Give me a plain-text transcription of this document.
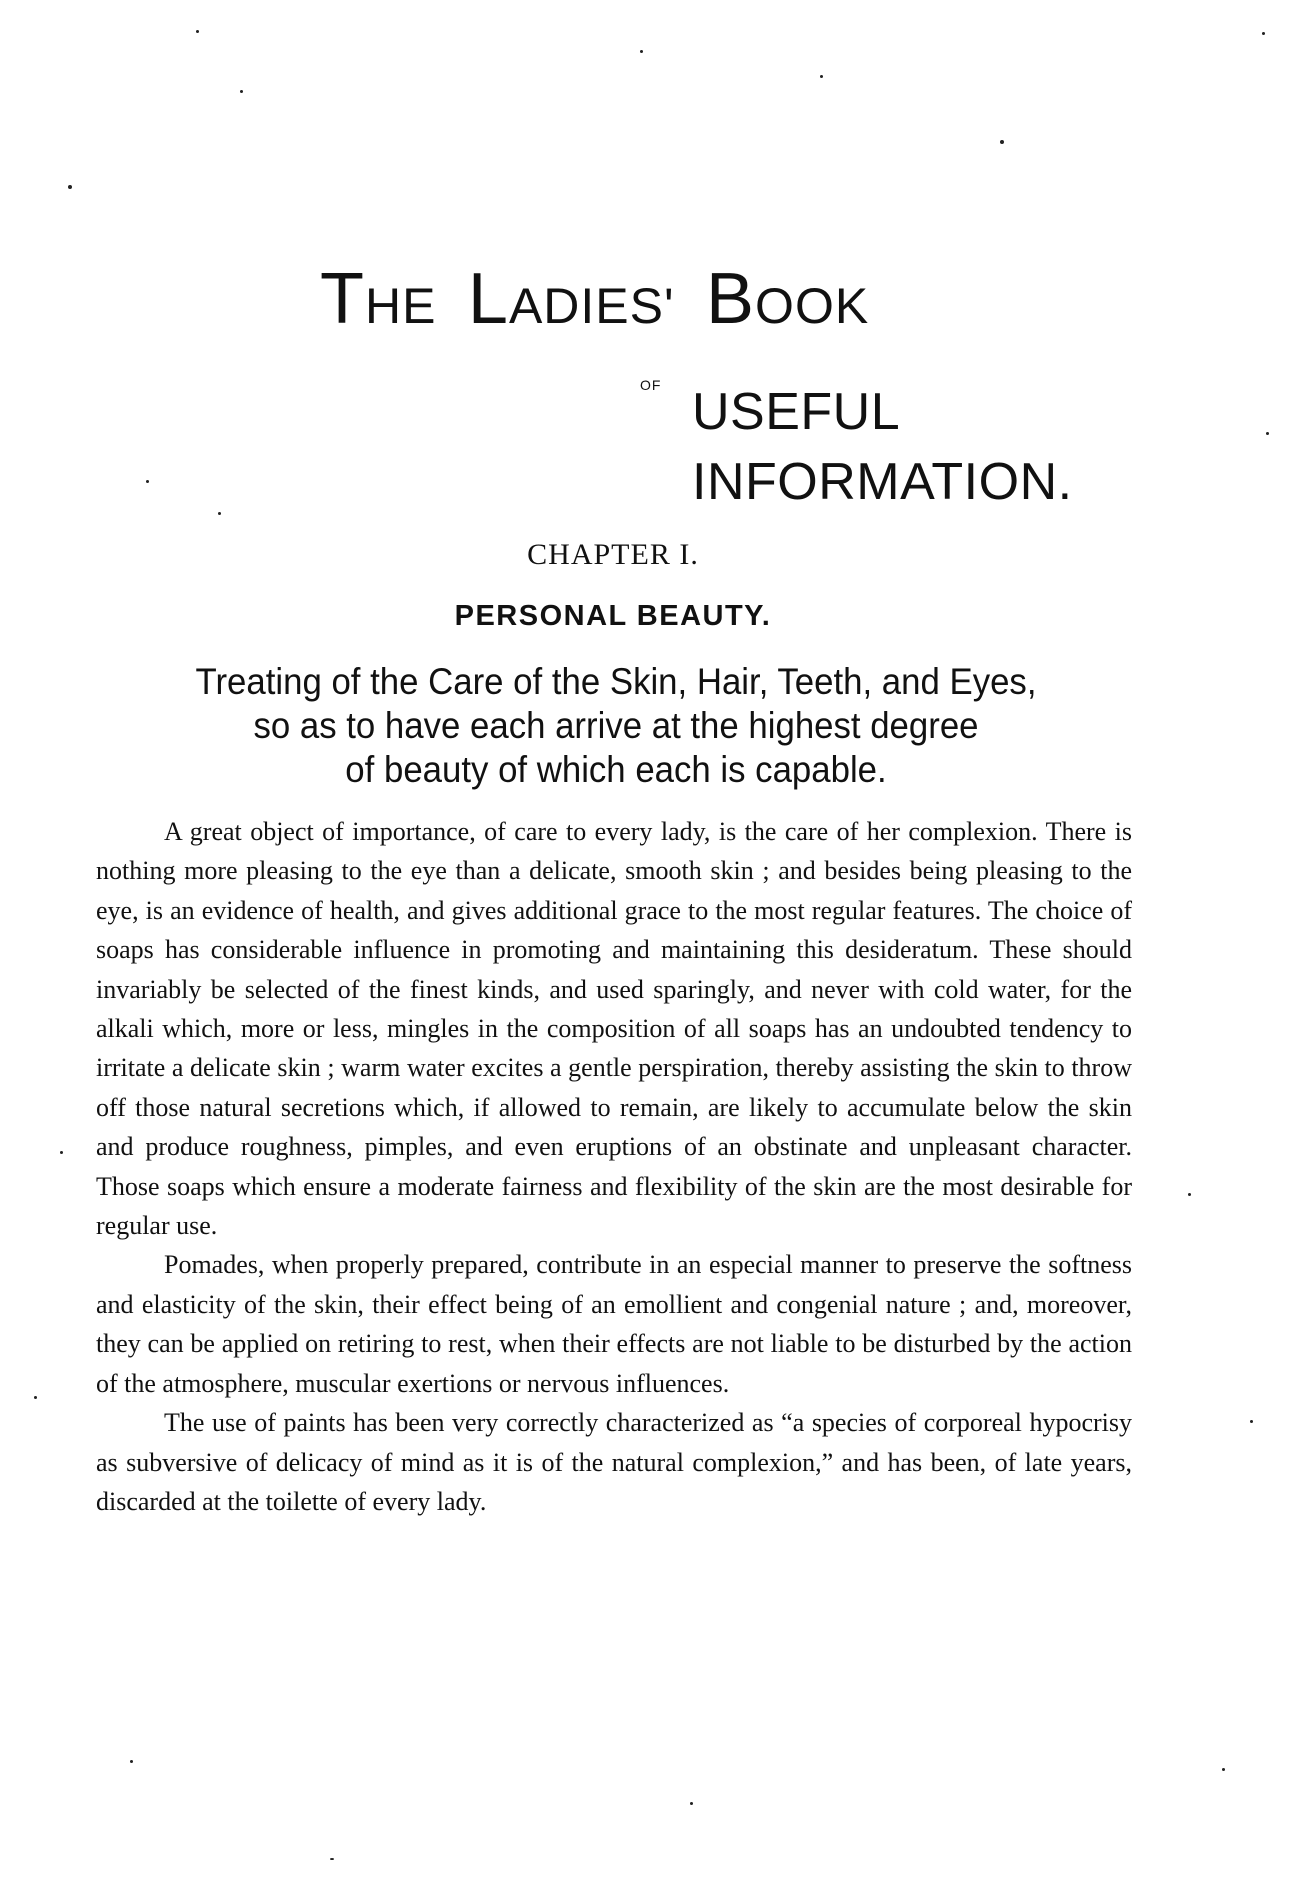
THE LADIES' BOOK
OF USEFUL
INFORMATION.
CHAPTER I.
PERSONAL BEAUTY.
Treating of the Care of the Skin, Hair, Teeth, and Eyes,
so as to have each arrive at the highest degree
of beauty of which each is capable.

A great object of importance, of care to every lady, is the care of her complexion. There is nothing more pleasing to the eye than a delicate, smooth skin ; and besides being pleasing to the eye, is an evidence of health, and gives additional grace to the most regular features. The choice of soaps has considerable influence in promoting and maintaining this desideratum. These should invariably be selected of the finest kinds, and used sparingly, and never with cold water, for the alkali which, more or less, mingles in the composition of all soaps has an undoubted tendency to irritate a delicate skin ; warm water excites a gentle perspiration, thereby assisting the skin to throw off those natural secretions which, if allowed to remain, are likely to accumulate below the skin and produce roughness, pimples, and even eruptions of an obstinate and unpleasant character. Those soaps which ensure a moderate fairness and flexibility of the skin are the most desirable for regular use.

Pomades, when properly prepared, contribute in an especial manner to preserve the softness and elasticity of the skin, their effect being of an emollient and congenial nature ; and, moreover, they can be applied on retiring to rest, when their effects are not liable to be disturbed by the action of the atmosphere, muscular exertions or nervous influences.

The use of paints has been very correctly characterized as “a species of corporeal hypocrisy as subversive of delicacy of mind as it is of the natural complexion,” and has been, of late years, discarded at the toilette of every lady.
